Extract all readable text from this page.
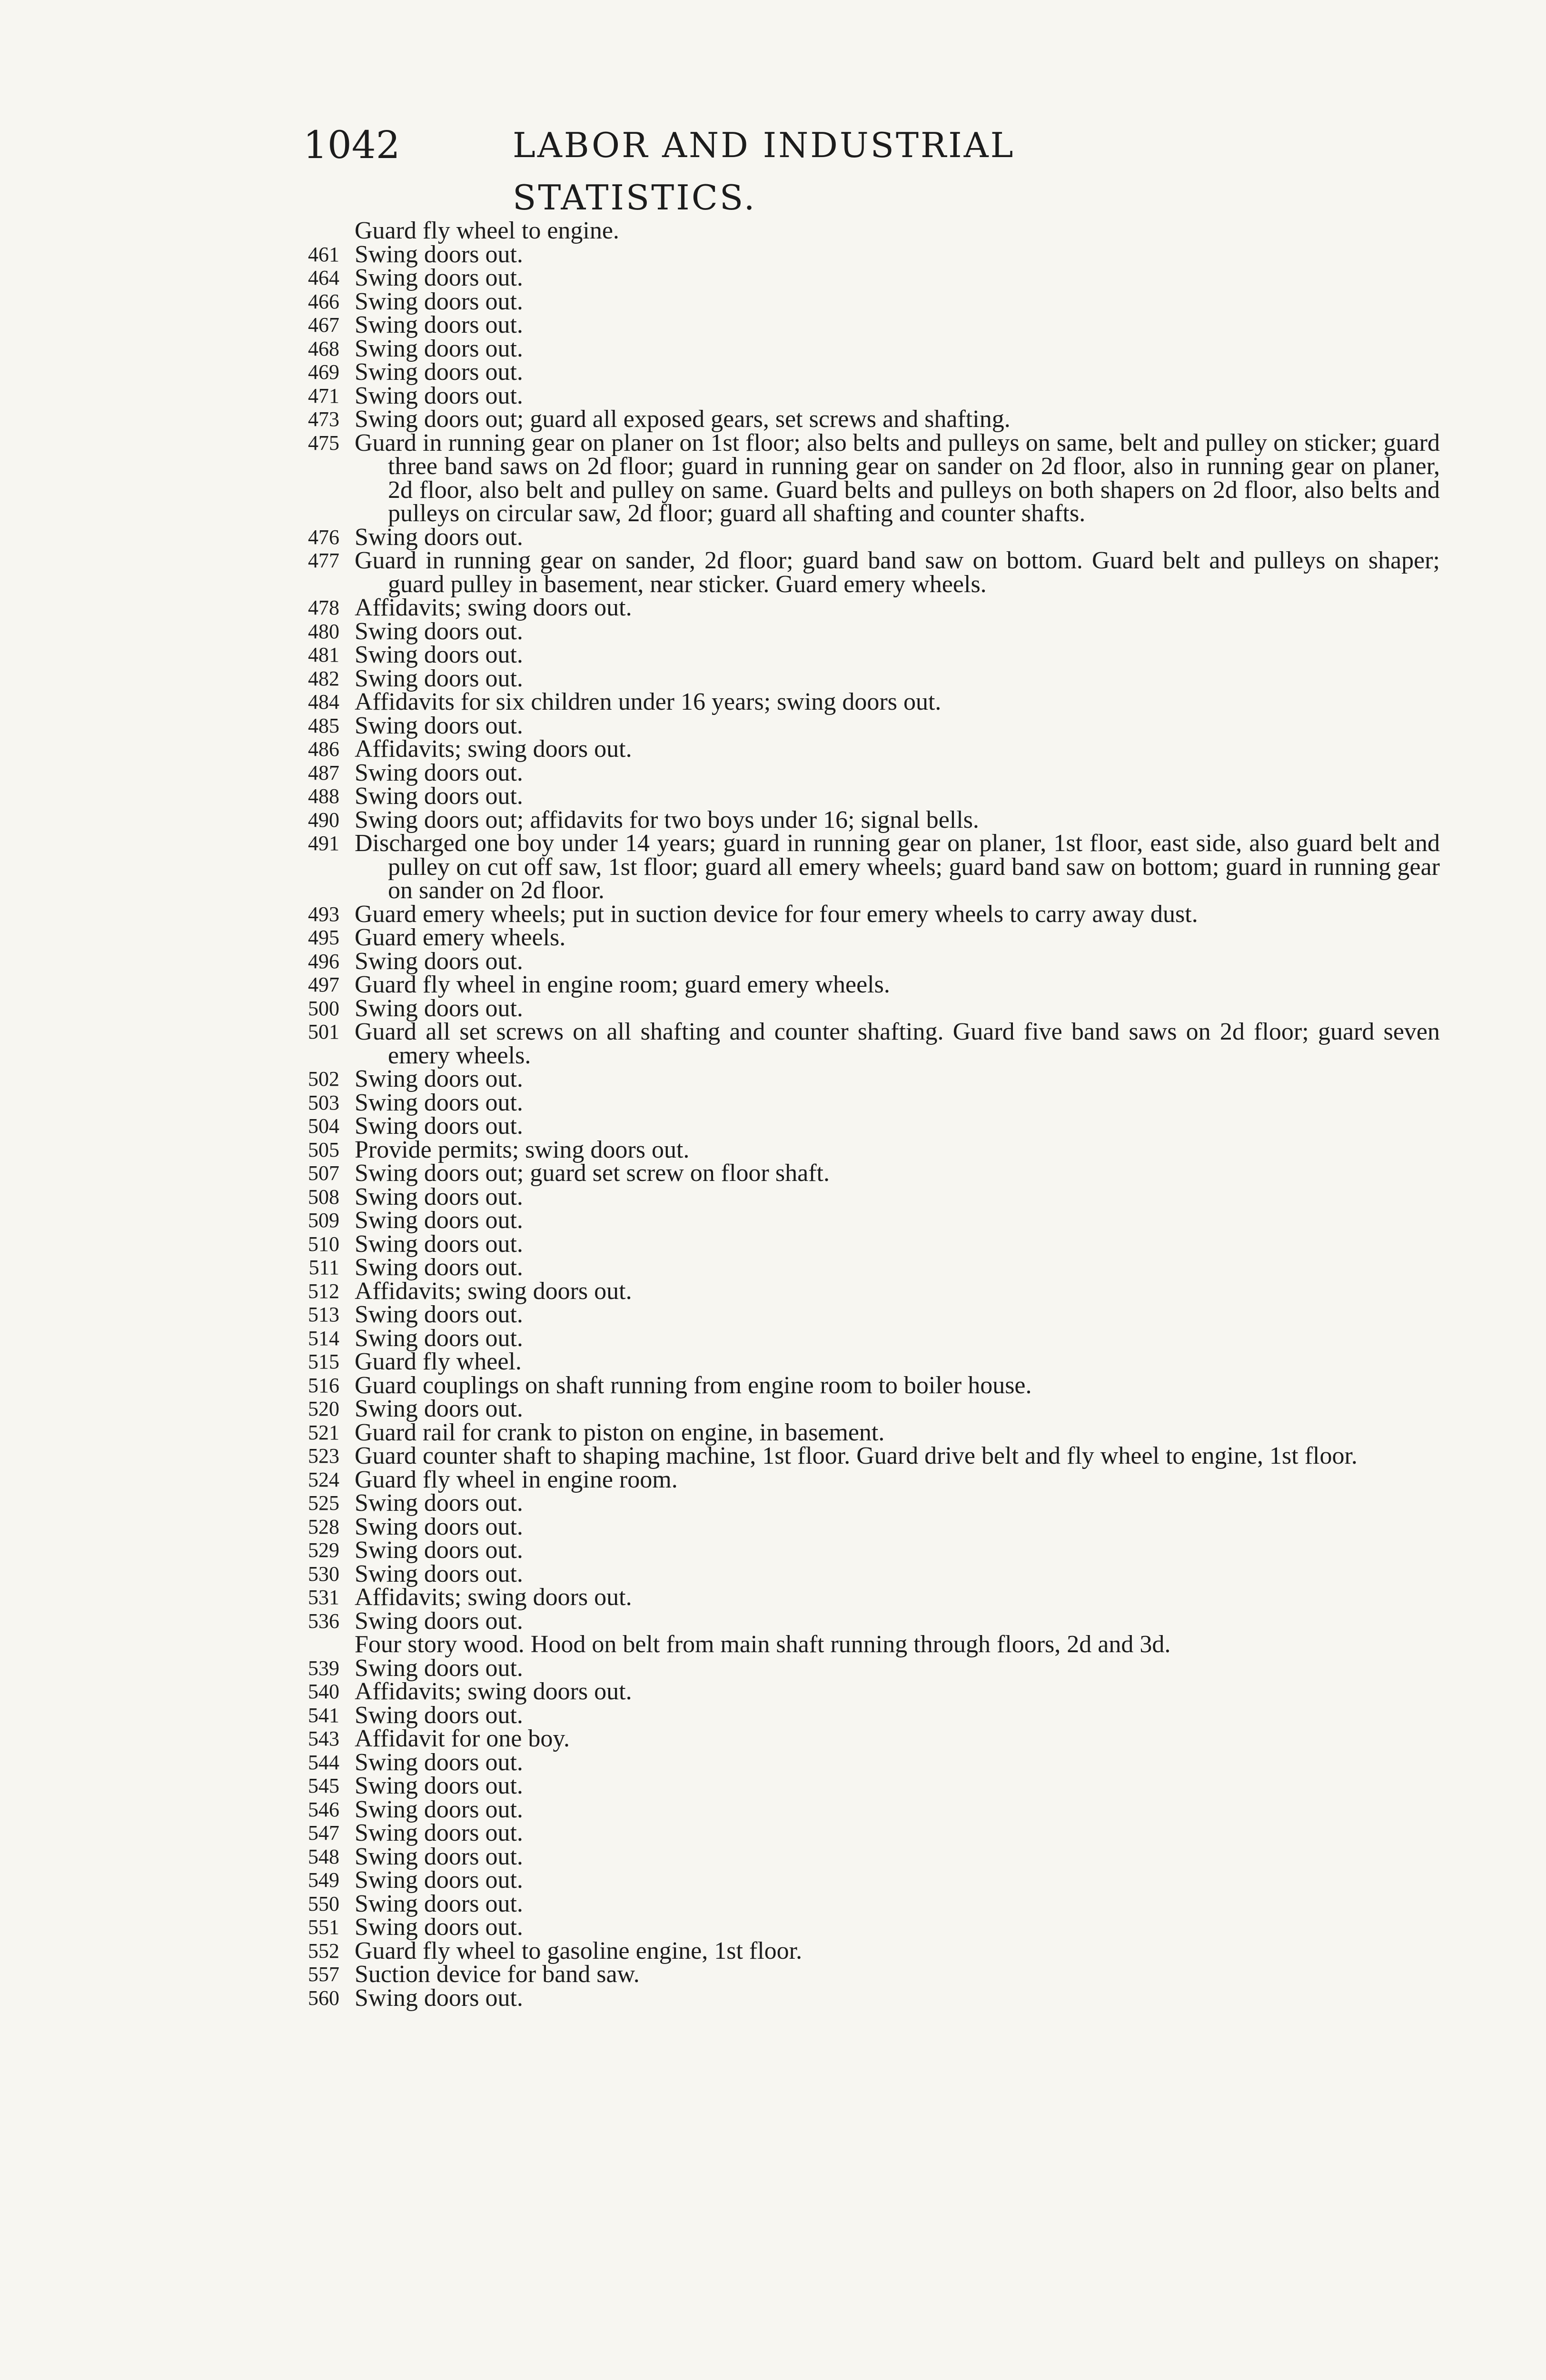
1042	LABOR AND INDUSTRIAL STATISTICS.
Guard fly wheel to engine.
461 Swing doors out.
464 Swing doors out.
466 Swing doors out.
467 Swing doors out.
468 Swing doors out.
469 Swing doors out.
471 Swing doors out.
473 Swing doors out; guard all exposed gears, set screws and shafting.
475 Guard in running gear on planer on 1st floor; also belts and pulleys on same, belt and pulley on sticker; guard three band saws on 2d floor; guard in running gear on sander on 2d floor, also in running gear on planer, 2d floor, also belt and pulley on same. Guard belts and pulleys on both shapers on 2d floor, also belts and pulleys on circular saw, 2d floor; guard all shafting and counter shafts.
476 Swing doors out.
477 Guard in running gear on sander, 2d floor; guard band saw on bottom. Guard belt and pulleys on shaper; guard pulley in basement, near sticker. Guard emery wheels.
478 Affidavits; swing doors out.
480 Swing doors out.
481 Swing doors out.
482 Swing doors out.
484 Affidavits for six children under 16 years; swing doors out.
485 Swing doors out.
486 Affidavits; swing doors out.
487 Swing doors out.
488 Swing doors out.
490 Swing doors out; affidavits for two boys under 16; signal bells.
491 Discharged one boy under 14 years; guard in running gear on planer, 1st floor, east side, also guard belt and pulley on cut off saw, 1st floor; guard all emery wheels; guard band saw on bottom; guard in running gear on sander on 2d floor.
493 Guard emery wheels; put in suction device for four emery wheels to carry away dust.
495 Guard emery wheels.
496 Swing doors out.
497 Guard fly wheel in engine room; guard emery wheels.
500 Swing doors out.
501 Guard all set screws on all shafting and counter shafting. Guard five band saws on 2d floor; guard seven emery wheels.
502 Swing doors out.
503 Swing doors out.
504 Swing doors out.
505 Provide permits; swing doors out.
507 Swing doors out; guard set screw on floor shaft.
508 Swing doors out.
509 Swing doors out.
510 Swing doors out.
511 Swing doors out.
512 Affidavits; swing doors out.
513 Swing doors out.
514 Swing doors out.
515 Guard fly wheel.
516 Guard couplings on shaft running from engine room to boiler house.
520 Swing doors out.
521 Guard rail for crank to piston on engine, in basement.
523 Guard counter shaft to shaping machine, 1st floor. Guard drive belt and fly wheel to engine, 1st floor.
524 Guard fly wheel in engine room.
525 Swing doors out.
528 Swing doors out.
529 Swing doors out.
530 Swing doors out.
531 Affidavits; swing doors out.
536 Swing doors out.
Four story wood. Hood on belt from main shaft running through floors, 2d and 3d.
539 Swing doors out.
540 Affidavits; swing doors out.
541 Swing doors out.
543 Affidavit for one boy.
544 Swing doors out.
545 Swing doors out.
546 Swing doors out.
547 Swing doors out.
548 Swing doors out.
549 Swing doors out.
550 Swing doors out.
551 Swing doors out.
552 Guard fly wheel to gasoline engine, 1st floor.
557 Suction device for band saw.
560 Swing doors out.
